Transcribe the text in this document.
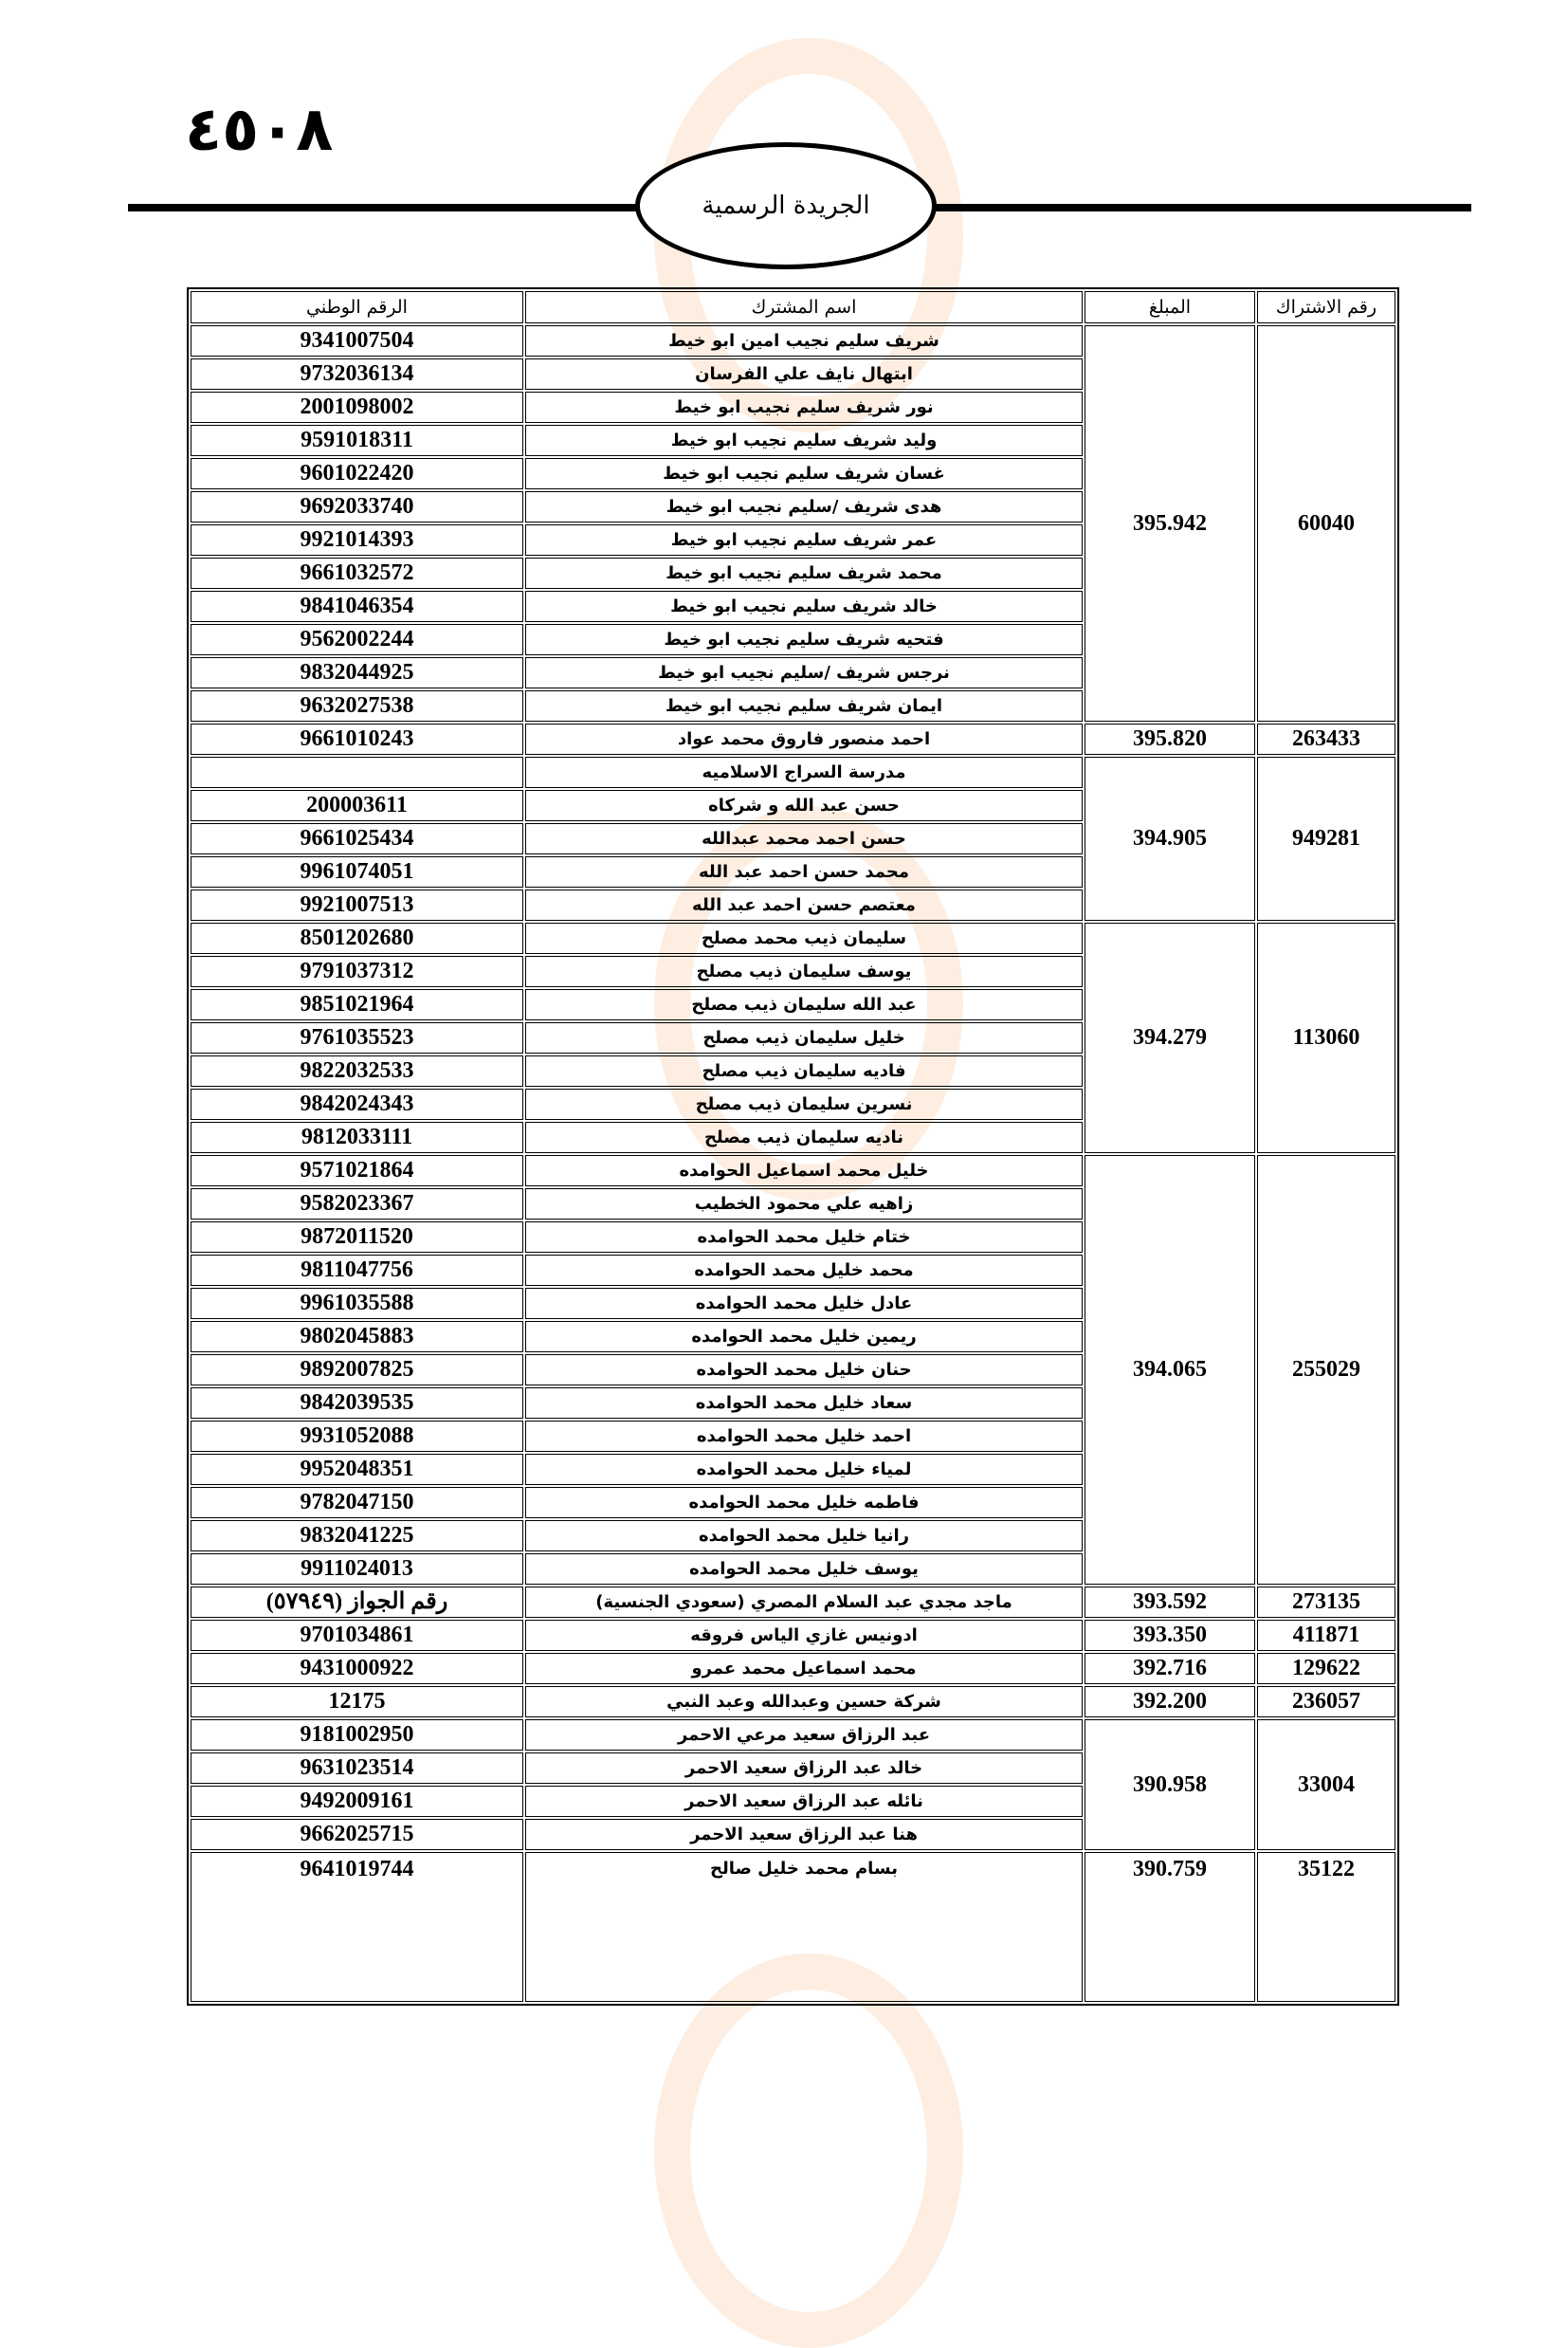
٤٥٠٨
الجريدة الرسمية
الرقم الوطني	اسم المشترك	المبلغ	رقم الاشتراك
9341007504	شريف سليم نجيب امين ابو خيط	395.942	60040
9732036134	ابتهال نايف علي الفرسان		
2001098002	نور شريف سليم نجيب ابو خيط		
9591018311	وليد شريف سليم نجيب ابو خيط		
9601022420	غسان شريف سليم نجيب ابو خيط		
9692033740	هدى شريف /سليم نجيب ابو خيط		
9921014393	عمر شريف سليم نجيب ابو خيط		
9661032572	محمد شريف سليم نجيب ابو خيط		
9841046354	خالد شريف سليم نجيب ابو خيط		
9562002244	فتحيه شريف سليم نجيب ابو خيط		
9832044925	نرجس شريف /سليم نجيب ابو خيط		
9632027538	ايمان شريف سليم نجيب ابو خيط		
9661010243	احمد منصور فاروق محمد عواد	395.820	263433
	مدرسة السراج الاسلاميه	394.905	949281
200003611	حسن عبد الله و شركاه		
9661025434	حسن احمد محمد عبدالله		
9961074051	محمد حسن احمد عبد الله		
9921007513	معتصم حسن احمد عبد الله		
8501202680	سليمان ذيب محمد مصلح	394.279	113060
9791037312	يوسف سليمان ذيب مصلح		
9851021964	عبد الله سليمان ذيب مصلح		
9761035523	خليل سليمان ذيب مصلح		
9822032533	فاديه سليمان ذيب مصلح		
9842024343	نسرين سليمان ذيب مصلح		
9812033111	ناديه سليمان ذيب مصلح		
9571021864	خليل محمد اسماعيل الحوامده	394.065	255029
9582023367	زاهيه علي محمود الخطيب		
9872011520	ختام خليل محمد الحوامده		
9811047756	محمد خليل محمد الحوامده		
9961035588	عادل خليل محمد الحوامده		
9802045883	ريمين خليل محمد الحوامده		
9892007825	حنان خليل محمد الحوامده		
9842039535	سعاد خليل محمد الحوامده		
9931052088	احمد خليل محمد الحوامده		
9952048351	لمياء خليل محمد الحوامده		
9782047150	فاطمه خليل محمد الحوامده		
9832041225	رانيا خليل محمد الحوامده		
9911024013	يوسف خليل محمد الحوامده		
رقم الجواز (٥٧٩٤٩)	ماجد مجدي عبد السلام المصري (سعودي الجنسية)	393.592	273135
9701034861	ادونيس غازي الياس فروقه	393.350	411871
9431000922	محمد اسماعيل محمد عمرو	392.716	129622
12175	شركة حسين وعبدالله وعبد النبي	392.200	236057
9181002950	عبد الرزاق سعيد مرعي الاحمر	390.958	33004
9631023514	خالد عبد الرزاق سعيد الاحمر		
9492009161	نائله عبد الرزاق سعيد الاحمر		
9662025715	هنا عبد الرزاق سعيد الاحمر		
9641019744	بسام محمد خليل صالح	390.759	35122
